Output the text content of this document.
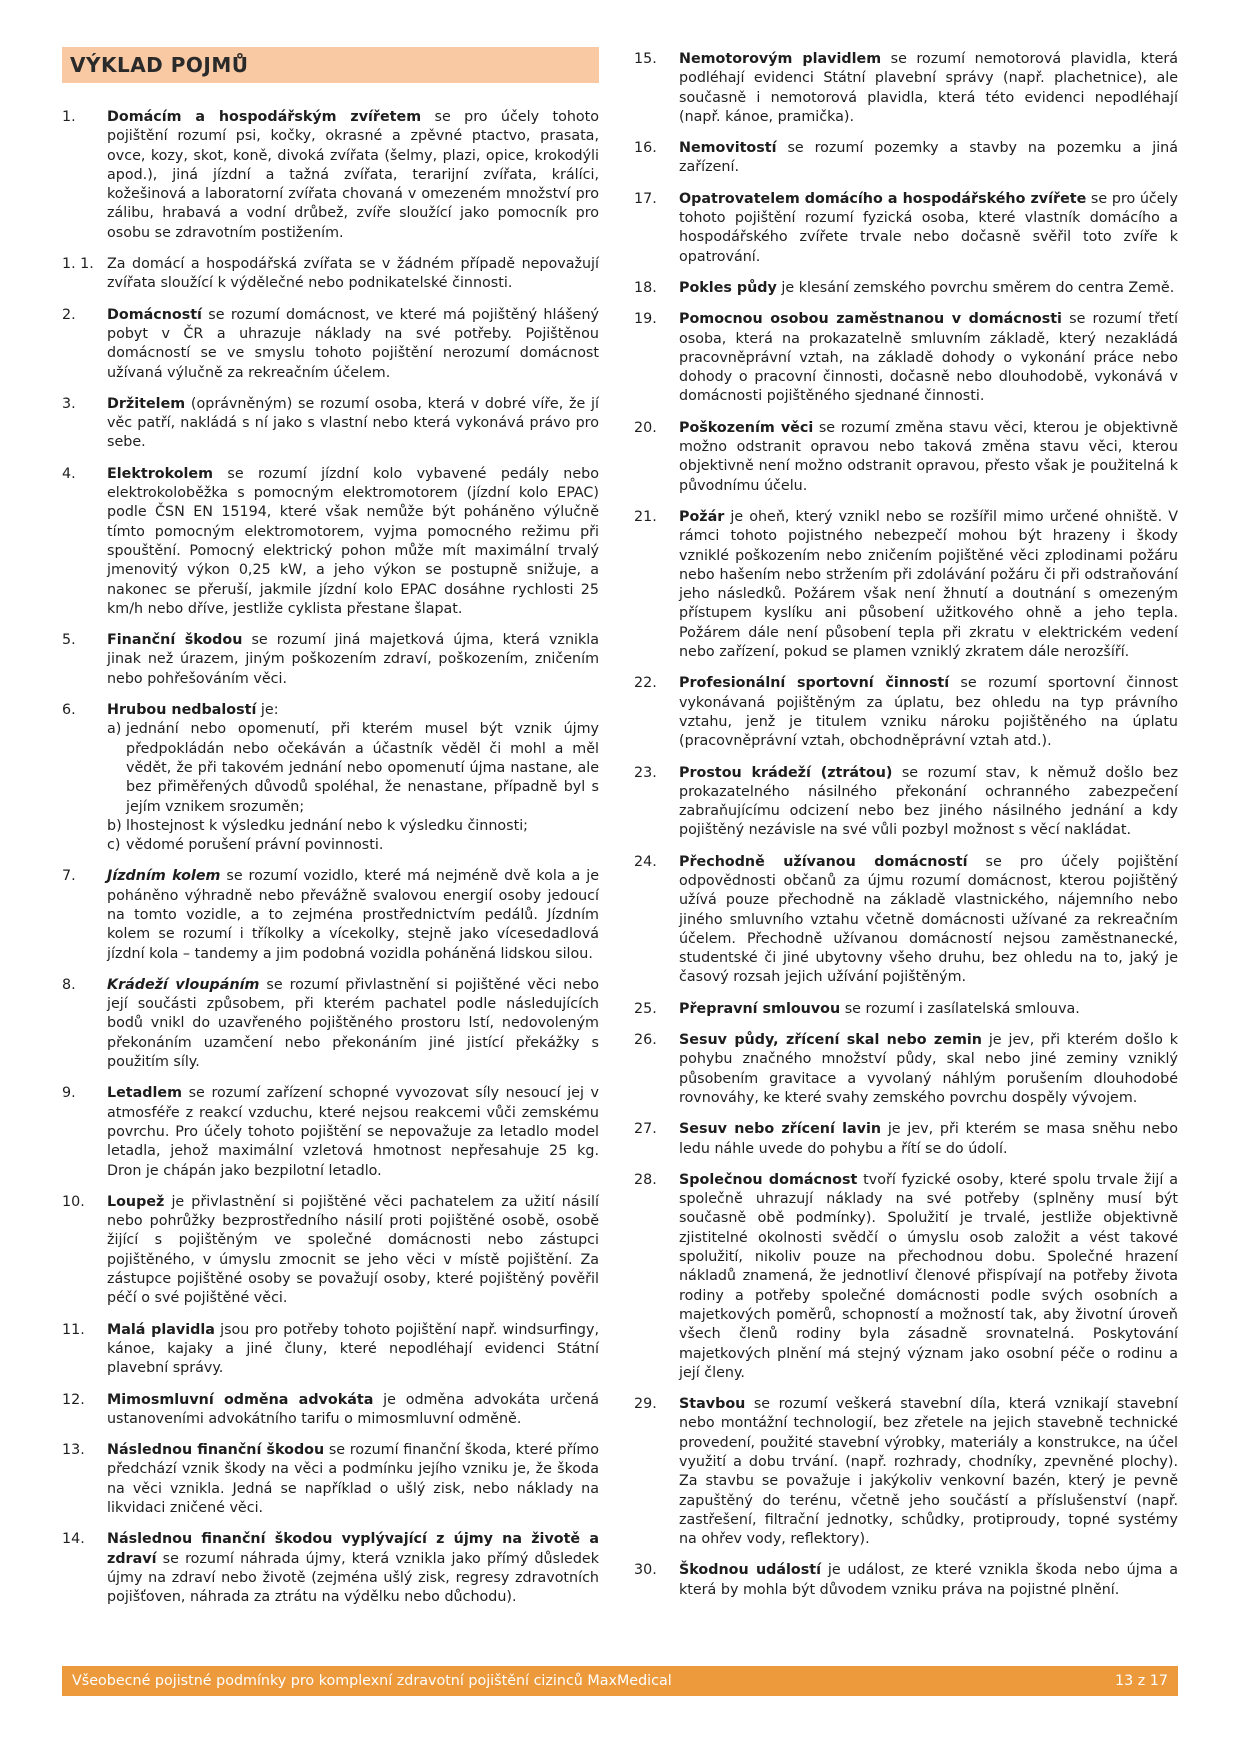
VÝKLAD POJMŮ
1.	Domácím a hospodářským zvířetem se pro účely tohoto pojištění rozumí psi, kočky, okrasné a zpěvné ptactvo, prasata, ovce, kozy, skot, koně, divoká zvířata (šelmy, plazi, opice, krokodýli apod.), jiná jízdní a tažná zvířata, terarijní zvířata, králíci, kožešinová a laboratorní zvířata chovaná v omezeném množství pro zálibu, hrabavá a vodní drůbež, zvíře sloužící jako pomocník pro osobu se zdravotním postižením.
1. 1. Za domácí a hospodářská zvířata se v žádném případě nepovažují zvířata sloužící k výdělečné nebo podnikatelské činnosti.
2.	Domácností se rozumí domácnost, ve které má pojištěný hlášený pobyt v ČR a uhrazuje náklady na své potřeby. Pojištěnou domácností se ve smyslu tohoto pojištění nerozumí domácnost užívaná výlučně za rekreačním účelem.
3.	Držitelem (oprávněným) se rozumí osoba, která v dobré víře, že jí věc patří, nakládá s ní jako s vlastní nebo která vykonává právo pro sebe.
4.	Elektrokolem se rozumí jízdní kolo vybavené pedály nebo elektrokoloběžka s pomocným elektromotorem (jízdní kolo EPAC) podle ČSN EN 15194, které však nemůže být poháněno výlučně tímto pomocným elektromotorem, vyjma pomocného režimu při spouštění. Pomocný elektrický pohon může mít maximální trvalý jmenovitý výkon 0,25 kW, a jeho výkon se postupně snižuje, a nakonec se přeruší, jakmile jízdní kolo EPAC dosáhne rychlosti 25 km/h nebo dříve, jestliže cyklista přestane šlapat.
5.	Finanční škodou se rozumí jiná majetková újma, která vznikla jinak než úrazem, jiným poškozením zdraví, poškozením, zničením nebo pohřešováním věci.
6.	Hrubou nedbalostí je:
a) jednání nebo opomenutí, při kterém musel být vznik újmy předpokládán nebo očekáván a účastník věděl či mohl a měl vědět, že při takovém jednání nebo opomenutí újma nastane, ale bez přiměřených důvodů spoléhal, že nenastane, případně byl s jejím vznikem srozuměn;
b) lhostejnost k výsledku jednání nebo k výsledku činnosti;
c) vědomé porušení právní povinnosti.
7.	Jízdním kolem se rozumí vozidlo, které má nejméně dvě kola a je poháněno výhradně nebo převážně svalovou energií osoby jedoucí na tomto vozidle, a to zejména prostřednictvím pedálů. Jízdním kolem se rozumí i tříkolky a vícekolky, stejně jako vícesedadlová jízdní kola – tandemy a jim podobná vozidla poháněná lidskou silou.
8.	Krádeží vloupáním se rozumí přivlastnění si pojištěné věci nebo její součásti způsobem, při kterém pachatel podle následujících bodů vnikl do uzavřeného pojištěného prostoru lstí, nedovoleným překonáním uzamčení nebo překonáním jiné jistící překážky s použitím síly.
9.	Letadlem se rozumí zařízení schopné vyvozovat síly nesoucí jej v atmosféře z reakcí vzduchu, které nejsou reakcemi vůči zemskému povrchu. Pro účely tohoto pojištění se nepovažuje za letadlo model letadla, jehož maximální vzletová hmotnost nepřesahuje 25 kg. Dron je chápán jako bezpilotní letadlo.
10.	Loupež je přivlastnění si pojištěné věci pachatelem za užití násilí nebo pohrůžky bezprostředního násilí proti pojištěné osobě, osobě žijící s pojištěným ve společné domácnosti nebo zástupci pojištěného, v úmyslu zmocnit se jeho věci v místě pojištění. Za zástupce pojištěné osoby se považují osoby, které pojištěný pověřil péčí o své pojištěné věci.
11.	Malá plavidla jsou pro potřeby tohoto pojištění např. windsurfingy, kánoe, kajaky a jiné čluny, které nepodléhají evidenci Státní plavební správy.
12.	Mimosmluvní odměna advokáta je odměna advokáta určená ustanoveními advokátního tarifu o mimosmluvní odměně.
13.	Následnou finanční škodou se rozumí finanční škoda, které přímo předchází vznik škody na věci a podmínku jejího vzniku je, že škoda na věci vznikla. Jedná se například o ušlý zisk, nebo náklady na likvidaci zničené věci.
14.	Následnou finanční škodou vyplývající z újmy na životě a zdraví se rozumí náhrada újmy, která vznikla jako přímý důsledek újmy na zdraví nebo životě (zejména ušlý zisk, regresy zdravotních pojišťoven, náhrada za ztrátu na výdělku nebo důchodu).
15.	Nemotorovým plavidlem se rozumí nemotorová plavidla, která podléhají evidenci Státní plavební správy (např. plachetnice), ale současně i nemotorová plavidla, která této evidenci nepodléhají (např. kánoe, pramička).
16.	Nemovitostí se rozumí pozemky a stavby na pozemku a jiná zařízení.
17.	Opatrovatelem domácího a hospodářského zvířete se pro účely tohoto pojištění rozumí fyzická osoba, které vlastník domácího a hospodářského zvířete trvale nebo dočasně svěřil toto zvíře k opatrování.
18.	Pokles půdy je klesání zemského povrchu směrem do centra Země.
19.	Pomocnou osobou zaměstnanou v domácnosti se rozumí třetí osoba, která na prokazatelně smluvním základě, který nezakládá pracovněprávní vztah, na základě dohody o vykonání práce nebo dohody o pracovní činnosti, dočasně nebo dlouhodobě, vykonává v domácnosti pojištěného sjednané činnosti.
20.	Poškozením věci se rozumí změna stavu věci, kterou je objektivně možno odstranit opravou nebo taková změna stavu věci, kterou objektivně není možno odstranit opravou, přesto však je použitelná k původnímu účelu.
21.	Požár je oheň, který vznikl nebo se rozšířil mimo určené ohniště. V rámci tohoto pojistného nebezpečí mohou být hrazeny i škody vzniklé poškozením nebo zničením pojištěné věci zplodinami požáru nebo hašením nebo stržením při zdolávání požáru či při odstraňování jeho následků. Požárem však není žhnutí a doutnání s omezeným přístupem kyslíku ani působení užitkového ohně a jeho tepla. Požárem dále není působení tepla při zkratu v elektrickém vedení nebo zařízení, pokud se plamen vzniklý zkratem dále nerozšíří.
22.	Profesionální sportovní činností se rozumí sportovní činnost vykonávaná pojištěným za úplatu, bez ohledu na typ právního vztahu, jenž je titulem vzniku nároku pojištěného na úplatu (pracovněprávní vztah, obchodněprávní vztah atd.).
23.	Prostou krádeží (ztrátou) se rozumí stav, k němuž došlo bez prokazatelného násilného překonání ochranného zabezpečení zabraňujícímu odcizení nebo bez jiného násilného jednání a kdy pojištěný nezávisle na své vůli pozbyl možnost s věcí nakládat.
24.	Přechodně užívanou domácností se pro účely pojištění odpovědnosti občanů za újmu rozumí domácnost, kterou pojištěný užívá pouze přechodně na základě vlastnického, nájemního nebo jiného smluvního vztahu včetně domácnosti užívané za rekreačním účelem. Přechodně užívanou domácností nejsou zaměstnanecké, studentské či jiné ubytovny všeho druhu, bez ohledu na to, jaký je časový rozsah jejich užívání pojištěným.
25.	Přepravní smlouvou se rozumí i zasílatelská smlouva.
26.	Sesuv půdy, zřícení skal nebo zemin je jev, při kterém došlo k pohybu značného množství půdy, skal nebo jiné zeminy vzniklý působením gravitace a vyvolaný náhlým porušením dlouhodobé rovnováhy, ke které svahy zemského povrchu dospěly vývojem.
27.	Sesuv nebo zřícení lavin je jev, při kterém se masa sněhu nebo ledu náhle uvede do pohybu a řítí se do údolí.
28.	Společnou domácnost tvoří fyzické osoby, které spolu trvale žijí a společně uhrazují náklady na své potřeby (splněny musí být současně obě podmínky). Spolužití je trvalé, jestliže objektivně zjistitelné okolnosti svědčí o úmyslu osob založit a vést takové spolužití, nikoliv pouze na přechodnou dobu. Společné hrazení nákladů znamená, že jednotliví členové přispívají na potřeby života rodiny a potřeby společné domácnosti podle svých osobních a majetkových poměrů, schopností a možností tak, aby životní úroveň všech členů rodiny byla zásadně srovnatelná. Poskytování majetkových plnění má stejný význam jako osobní péče o rodinu a její členy.
29.	Stavbou se rozumí veškerá stavební díla, která vznikají stavební nebo montážní technologií, bez zřetele na jejich stavebně technické provedení, použité stavební výrobky, materiály a konstrukce, na účel využití a dobu trvání. (např. rozhrady, chodníky, zpevněné plochy). Za stavbu se považuje i jakýkoliv venkovní bazén, který je pevně zapuštěný do terénu, včetně jeho součástí a příslušenství (např. zastřešení, filtrační jednotky, schůdky, protiproudy, topné systémy na ohřev vody, reflektory).
30.	Škodnou událostí je událost, ze které vznikla škoda nebo újma a která by mohla být důvodem vzniku práva na pojistné plnění.
Všeobecné pojistné podmínky pro komplexní zdravotní pojištění cizinců MaxMedical	13 z 17
